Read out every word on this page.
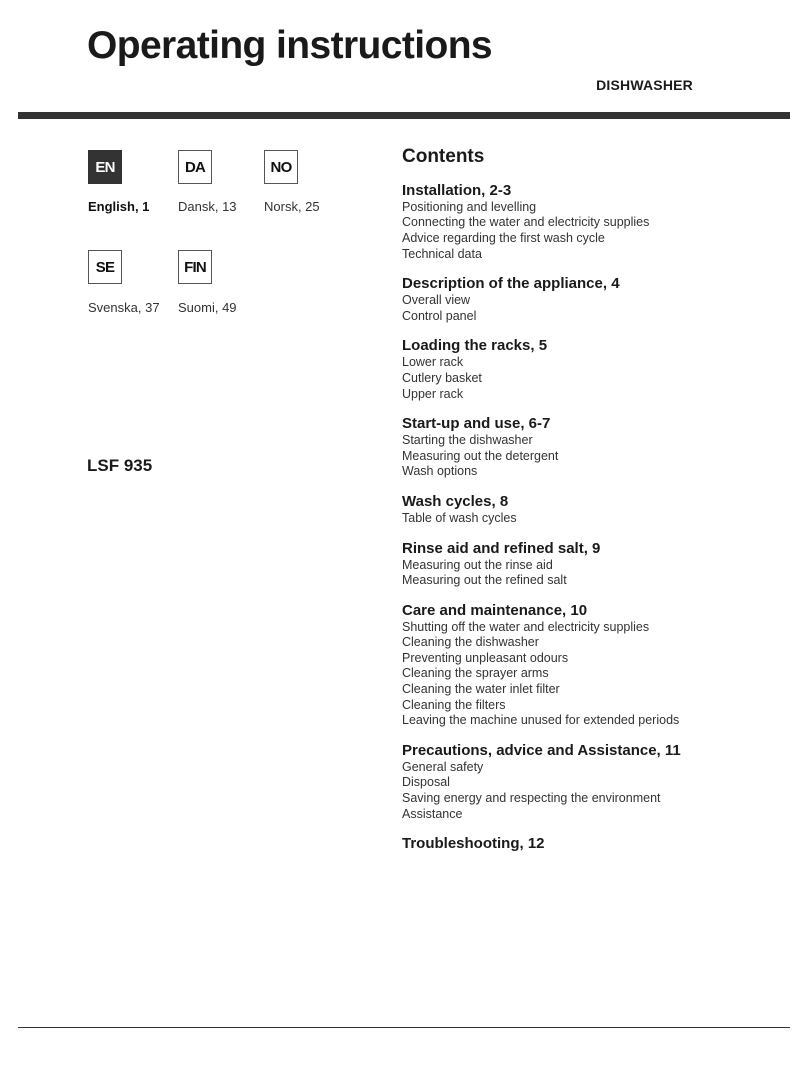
Operating instructions
DISHWASHER
EN
English, 1
DA
Dansk, 13
NO
Norsk, 25
SE
Svenska, 37
FIN
Suomi, 49
LSF 935
Contents
Installation, 2-3
Positioning and levelling
Connecting the water and electricity supplies
Advice regarding the first wash cycle
Technical data
Description of the appliance, 4
Overall view
Control panel
Loading the racks, 5
Lower rack
Cutlery basket
Upper rack
Start-up and use, 6-7
Starting the dishwasher
Measuring out the detergent
Wash options
Wash cycles, 8
Table of wash cycles
Rinse aid and refined salt, 9
Measuring out the rinse aid
Measuring out the refined salt
Care and maintenance, 10
Shutting off the water and electricity supplies
Cleaning the dishwasher
Preventing unpleasant odours
Cleaning the sprayer arms
Cleaning the water inlet filter
Cleaning the filters
Leaving the machine unused for extended periods
Precautions, advice and Assistance, 11
General safety
Disposal
Saving energy and respecting the environment
Assistance
Troubleshooting, 12
